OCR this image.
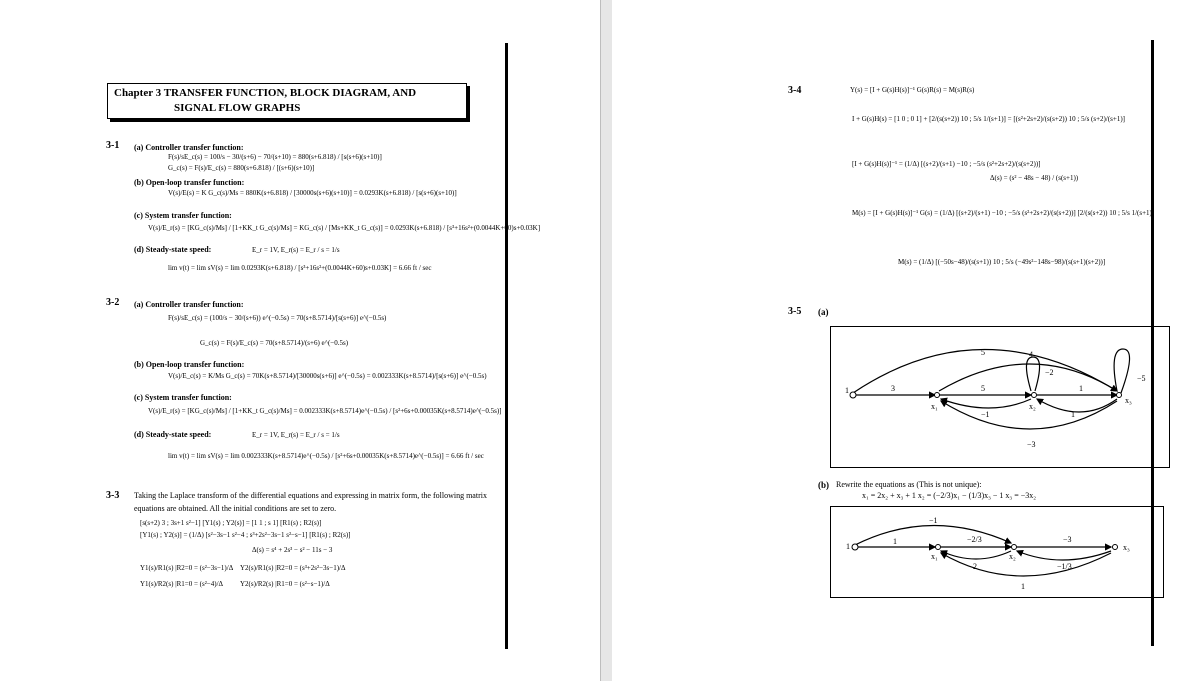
Chapter 3 TRANSFER FUNCTION, BLOCK DIAGRAM, AND
SIGNAL FLOW GRAPHS
3-1 (a) Controller transfer function:
F(s)/sE_c(s) = 100/s − 30/(s+6) − 70/(s+10) = 880(s+6.818) / [s(s+6)(s+10)]
G_c(s) = F(s)/E_c(s) = 880(s+6.818) / [(s+6)(s+10)]
(b) Open-loop transfer function:
V(s)/E(s) = K G_c(s)/Ms = 880K(s+6.818) / [30000s(s+6)(s+10)] = 0.0293K(s+6.818) / [s(s+6)(s+10)]
(c) System transfer function:
V(s)/E_r(s) = [KG_c(s)/Ms] / [1+KK_t G_c(s)/Ms] = KG_c(s) / [Ms+KK_t G_c(s)] = 0.0293K(s+6.818) / [s³+16s²+(0.0044K+60)s+0.03K]
(d) Steady-state speed:	E_r = 1V, E_r(s) = E_r / s = 1/s
lim v(t) = lim sV(s) = lim 0.0293K(s+6.818) / [s³+16s²+(0.0044K+60)s+0.03K] = 6.66 ft / sec
3-2 (a) Controller transfer function:
F(s)/sE_c(s) = (100/s − 30/(s+6)) e^(−0.5s) = 70(s+8.5714)/[s(s+6)] e^(−0.5s)
G_c(s) = F(s)/E_c(s) = 70(s+8.5714)/(s+6) e^(−0.5s)
(b) Open-loop transfer function:
V(s)/E_c(s) = K/Ms G_c(s) = 70K(s+8.5714)/[30000s(s+6)] e^(−0.5s) = 0.002333K(s+8.5714)/[s(s+6)] e^(−0.5s)
(c) System transfer function:
V(s)/E_r(s) = [KG_c(s)/Ms] / [1+KK_t G_c(s)/Ms] = 0.002333K(s+8.5714)e^(−0.5s) / [s²+6s+0.00035K(s+8.5714)e^(−0.5s)]
(d) Steady-state speed:	E_r = 1V, E_r(s) = E_r / s = 1/s
lim v(t) = lim sV(s) = lim 0.002333K(s+8.5714)e^(−0.5s) / [s²+6s+0.00035K(s+8.5714)e^(−0.5s)] = 6.66 ft / sec
3-3 Taking the Laplace transform of the differential equations and expressing in matrix form, the following matrix
equations are obtained. All the initial conditions are set to zero.
[s(s+2) 3 ; 3s+1 s²−1] [Y1(s) ; Y2(s)] = [1 1 ; s 1] [R1(s) ; R2(s)]
[Y1(s) ; Y2(s)] = (1/Δ) [s²−3s−1 s²−4 ; s³+2s²−3s−1 s²−s−1] [R1(s) ; R2(s)]
Δ(s) = s⁴ + 2s³ − s² − 11s − 3
Y1(s)/R1(s) |R2=0 = (s²−3s−1)/Δ Y2(s)/R1(s) |R2=0 = (s³+2s²−3s−1)/Δ
Y1(s)/R2(s) |R1=0 = (s²−4)/Δ Y2(s)/R2(s) |R1=0 = (s²−s−1)/Δ
3-4	Y(s) = [I + G(s)H(s)]⁻¹ G(s)R(s) = M(s)R(s)
I + G(s)H(s) = [1 0 ; 0 1] + [2/(s(s+2)) 10 ; 5/s 1/(s+1)] = [(s²+2s+2)/(s(s+2)) 10 ; 5/s (s+2)/(s+1)]
[I + G(s)H(s)]⁻¹ = (1/Δ) [(s+2)/(s+1) −10 ; −5/s (s²+2s+2)/(s(s+2))]
Δ(s) = (s² − 48s − 48) / (s(s+1))
M(s) = [I + G(s)H(s)]⁻¹ G(s) = (1/Δ) [(s+2)/(s+1) −10 ; −5/s (s²+2s+2)/(s(s+2))] [2/(s(s+2)) 10 ; 5/s 1/(s+1)]
M(s) = (1/Δ) [(−50s−48)/(s(s+1)) 10 ; 5/s (−49s²−148s−98)/(s(s+1)(s+2))]
3-5 (a)
1
x₁	x₂
x₃
3	5
4
5
−2
1
−5
−1	1
−3
(b) Rewrite the equations as (This is not unique):
x₁ = 2x₂ + x₃ + 1 x₂ = (−2/3)x₁ − (1/3)x₃ − 1 x₃ = −3x₂
1
x₁	x₂
x₃
1
−1
−2/3	−3
2	−1/3
1
